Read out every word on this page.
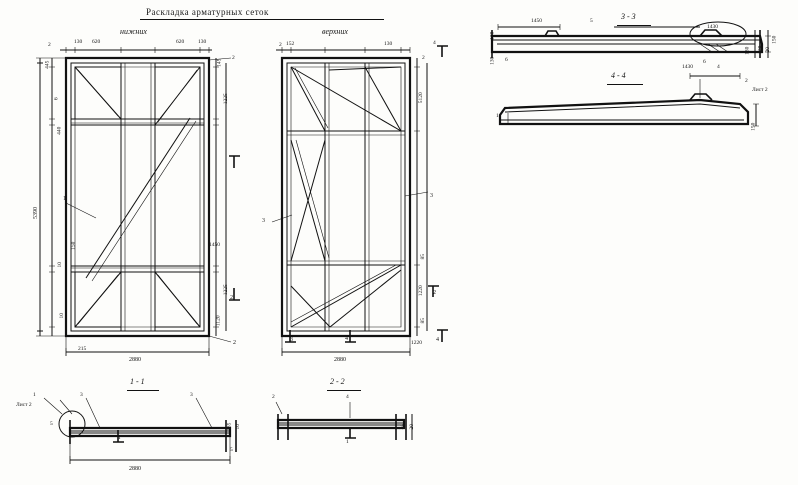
Раскладка арматурных сеток
нижних
2	130 620	620	130
445
6
440
150
10
10
5390
2880
145
2
1225
1450
1225
1120
1
2
215
2
1 - 1
верхних
2 152	130	4
2
5120
85
1220
85
3
3
3	4	4
2
1220
2880
2 - 2
3 - 3
1450	5
1430
150
120
130	20
130
130 6	6
2
Лист 2
4 - 4
1430	4
1
150
1
Лист 2
3	3
5
5
135 10
1
2880
2	4
1
24 20
